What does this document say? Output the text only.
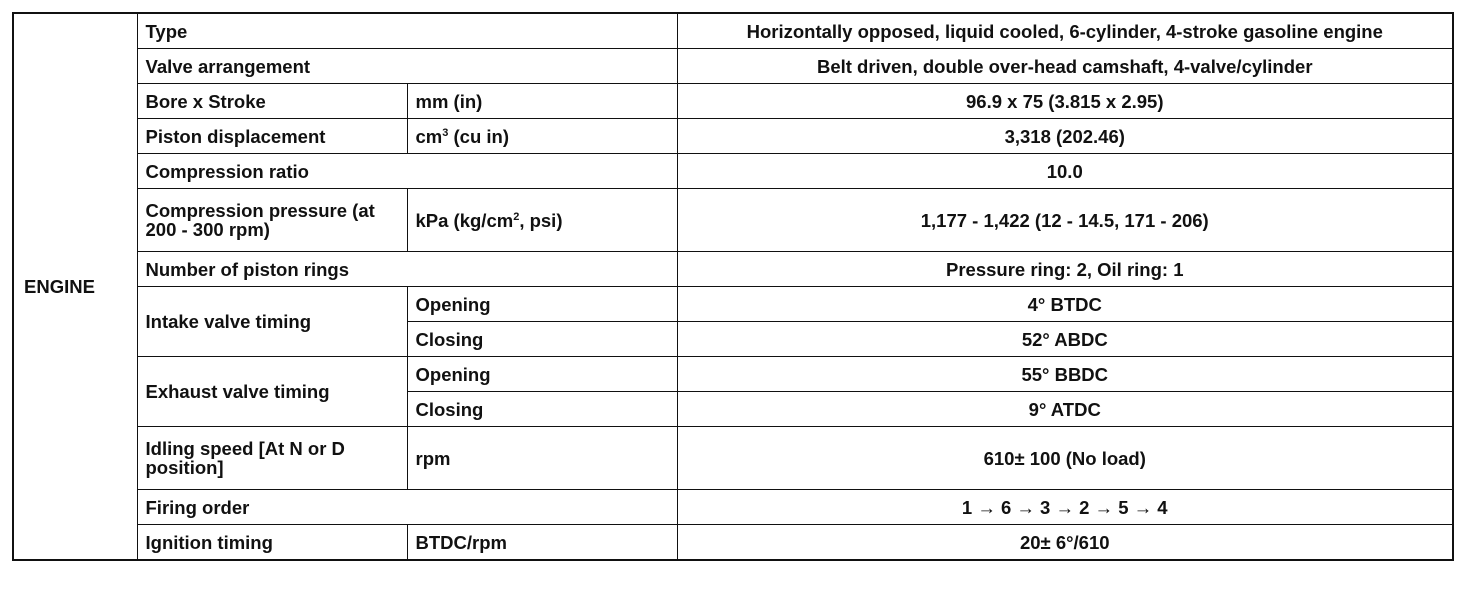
ENGINE	Type		Horizontally opposed, liquid cooled, 6-cylinder, 4-stroke gasoline engine
	Valve arrangement		Belt driven, double over-head camshaft, 4-valve/cylinder
	Bore x Stroke	mm (in)	96.9 x 75 (3.815 x 2.95)
	Piston displacement	$cm^3$ (cu in)	3,318 (202.46)
	Compression ratio		10.0
	Compression pressure (at 200 - 300 rpm)	kPa ($kg/cm^2$, psi)	1,177 - 1,422 (12 - 14.5, 171 - 206)
	Number of piston rings		Pressure ring: 2, Oil ring: 1
	Intake valve timing	Opening	4° BTDC
		Closing	52° ABDC
	Exhaust valve timing	Opening	55° BBDC
		Closing	9° ATDC
	Idling speed [At N or D position]	rpm	610± 100 (No load)
	Firing order		1 → 6 → 3 → 2 → 5 → 4
	Ignition timing	BTDC/rpm	20± 6°/610
